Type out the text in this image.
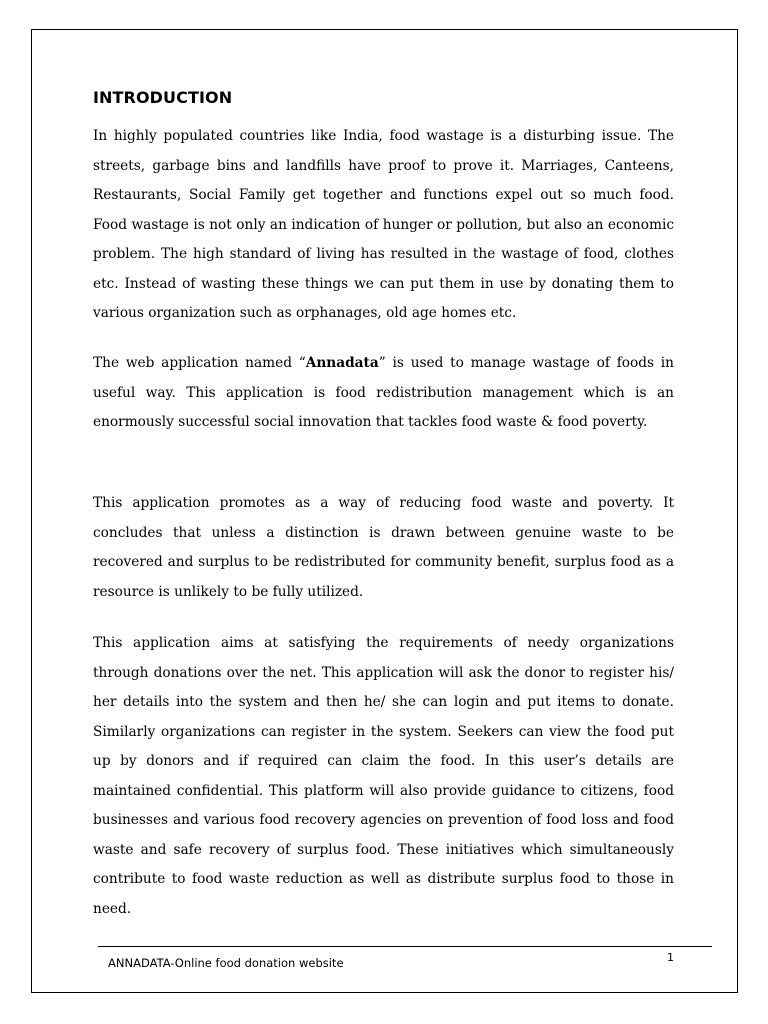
INTRODUCTION

In highly populated countries like India, food wastage is a disturbing issue. The streets, garbage bins and landfills have proof to prove it. Marriages, Canteens, Restaurants, Social Family get together and functions expel out so much food. Food wastage is not only an indication of hunger or pollution, but also an economic problem. The high standard of living has resulted in the wastage of food, clothes etc. Instead of wasting these things we can put them in use by donating them to various organization such as orphanages, old age homes etc.

The web application named “Annadata” is used to manage wastage of foods in useful way. This application is food redistribution management which is an enormously successful social innovation that tackles food waste & food poverty.

This application promotes as a way of reducing food waste and poverty. It concludes that unless a distinction is drawn between genuine waste to be recovered and surplus to be redistributed for community benefit, surplus food as a resource is unlikely to be fully utilized.

This application aims at satisfying the requirements of needy organizations through donations over the net. This application will ask the donor to register his/ her details into the system and then he/ she can login and put items to donate. Similarly organizations can register in the system. Seekers can view the food put up by donors and if required can claim the food. In this user’s details are maintained confidential. This platform will also provide guidance to citizens, food businesses and various food recovery agencies on prevention of food loss and food waste and safe recovery of surplus food. These initiatives which simultaneously contribute to food waste reduction as well as distribute surplus food to those in need.

ANNADATA-Online food donation website	1
